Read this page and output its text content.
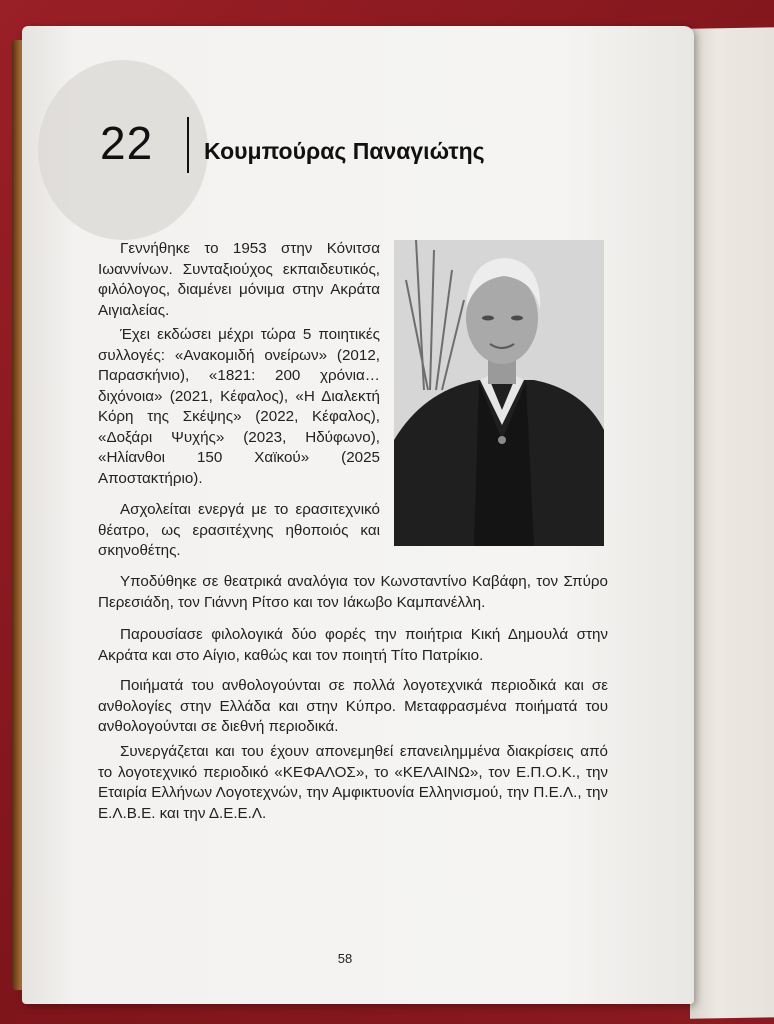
22 Κουμπούρας Παναγιώτης

Γεννήθηκε το 1953 στην Κόνιτσα Ιωαννίνων. Συνταξιούχος εκπαιδευτικός, φιλόλογος, διαμένει μόνιμα στην Ακράτα Αιγιαλείας.

Έχει εκδώσει μέχρι τώρα 5 ποιητικές συλλογές: «Ανακομιδή ονείρων» (2012, Παρασκήνιο), «1821: 200 χρόνια… διχόνοια» (2021, Κέφαλος), «Η Διαλεκτή Κόρη της Σκέψης» (2022, Κέφαλος), «Δοξάρι Ψυχής» (2023, Ηδύφωνο), «Ηλίανθοι 150 Χαϊκού» (2025 Αποστακτήριο).

Ασχολείται ενεργά με το ερασιτεχνικό θέατρο, ως ερασιτέχνης ηθοποιός και σκηνοθέτης.

Υποδύθηκε σε θεατρικά αναλόγια τον Κωνσταντίνο Καβάφη, τον Σπύρο Περεσιάδη, τον Γιάννη Ρίτσο και τον Ιάκωβο Καμπανέλλη.

Παρουσίασε φιλολογικά δύο φορές την ποιήτρια Κική Δημουλά στην Ακράτα και στο Αίγιο, καθώς και τον ποιητή Τίτο Πατρίκιο.

Ποιήματά του ανθολογούνται σε πολλά λογοτεχνικά περιοδικά και σε ανθολογίες στην Ελλάδα και στην Κύπρο. Μεταφρασμένα ποιήματά του ανθολογούνται σε διεθνή περιοδικά.

Συνεργάζεται και του έχουν απονεμηθεί επανειλημμένα διακρίσεις από το λογοτεχνικό περιοδικό «ΚΕΦΑΛΟΣ», το «ΚΕΛΑΙΝΩ», τον Ε.Π.Ο.Κ., την Εταιρία Ελλήνων Λογοτεχνών, την Αμφικτυονία Ελληνισμού, την Π.Ε.Λ., την Ε.Λ.Β.Ε. και την Δ.Ε.Ε.Λ.

58
